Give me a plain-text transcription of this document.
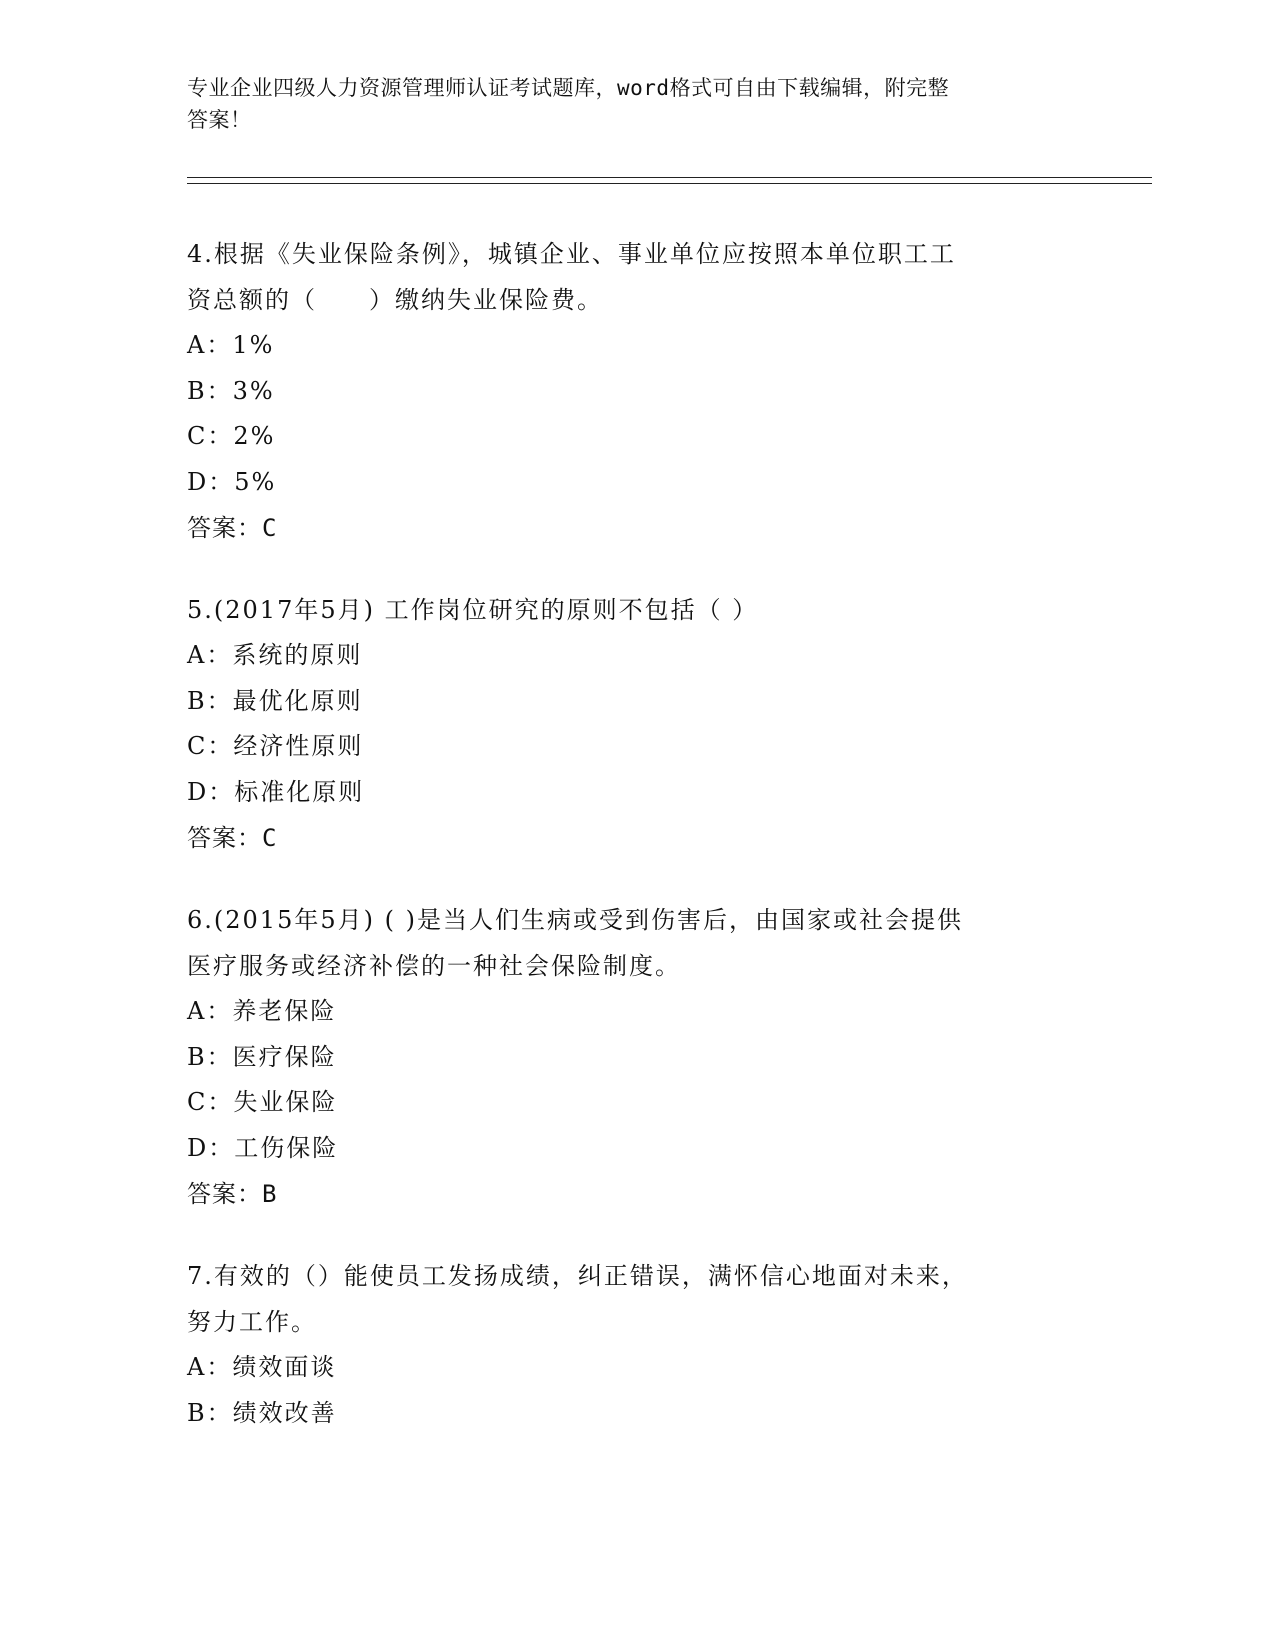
专业企业四级人力资源管理师认证考试题库，word格式可自由下载编辑，附完整
答案！
4.根据《失业保险条例》，城镇企业、事业单位应按照本单位职工工
资总额的（　　）缴纳失业保险费。
A：1%
B：3%
C：2%
D：5%
答案：C
5.(2017年5月) 工作岗位研究的原则不包括（ ）
A：系统的原则
B：最优化原则
C：经济性原则
D：标准化原则
答案：C
6.(2015年5月) ( )是当人们生病或受到伤害后，由国家或社会提供
医疗服务或经济补偿的一种社会保险制度。
A：养老保险
B：医疗保险
C：失业保险
D：工伤保险
答案：B
7.有效的（）能使员工发扬成绩，纠正错误，满怀信心地面对未来，
努力工作。
A：绩效面谈
B：绩效改善
